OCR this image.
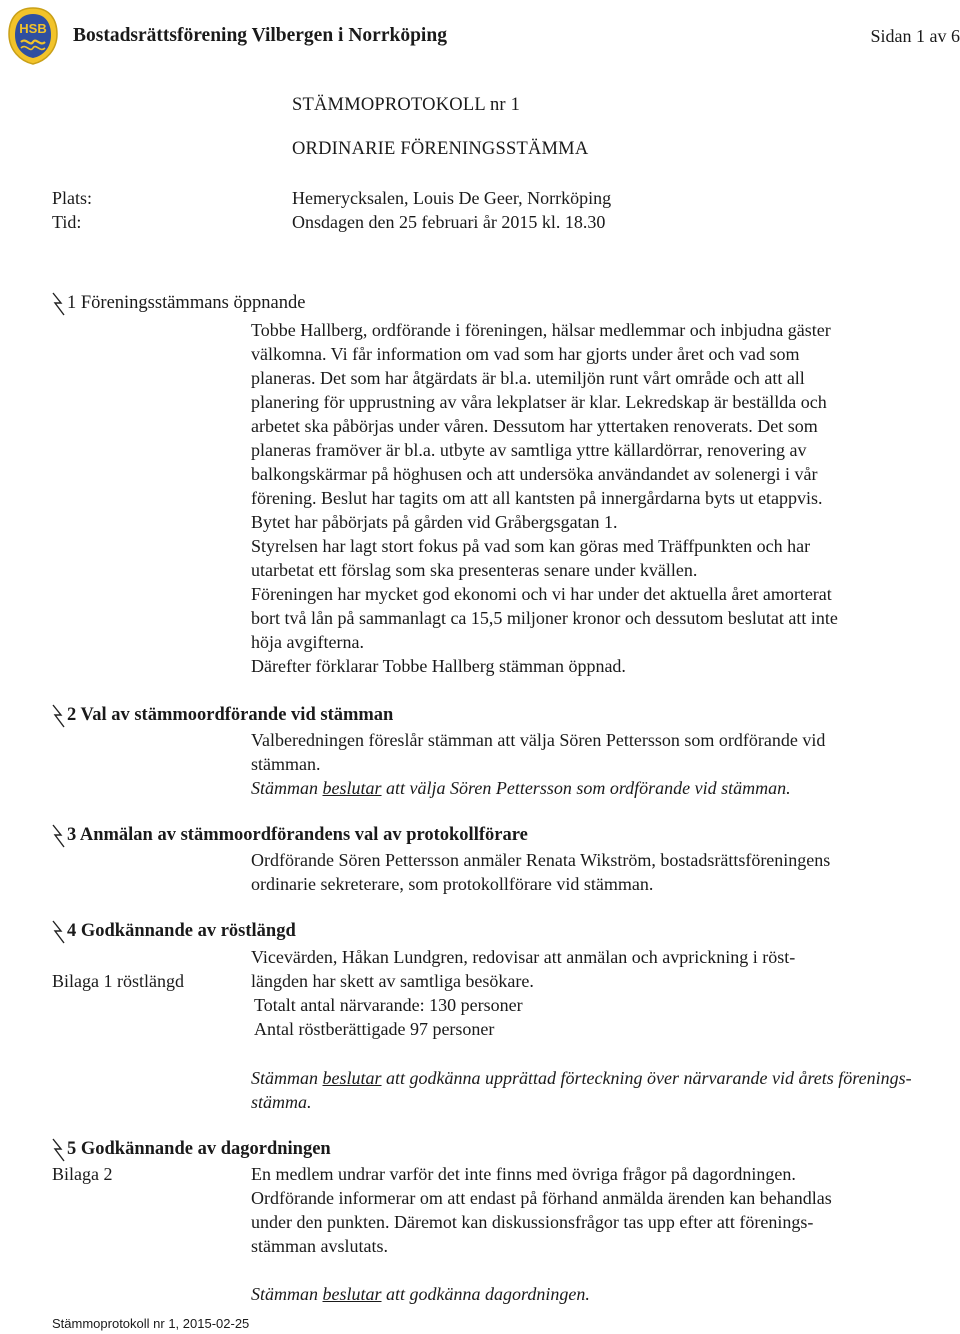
HSB Bostadsrättsförening Vilbergen i Norrköping	Sidan 1 av 6
STÄMMOPROTOKOLL nr 1
ORDINARIE FÖRENINGSSTÄMMA
Plats:	Hemerycksalen, Louis De Geer, Norrköping
Tid:	Onsdagen den 25 februari år 2015 kl. 18.30
1 Föreningsstämmans öppnande
Tobbe Hallberg, ordförande i föreningen, hälsar medlemmar och inbjudna gäster
välkomna. Vi får information om vad som har gjorts under året och vad som
planeras. Det som har åtgärdats är bl.a. utemiljön runt vårt område och att all
planering för upprustning av våra lekplatser är klar. Lekredskap är beställda och
arbetet ska påbörjas under våren. Dessutom har yttertaken renoverats. Det som
planeras framöver är bl.a. utbyte av samtliga yttre källardörrar, renovering av
balkongskärmar på höghusen och att undersöka användandet av solenergi i vår
förening. Beslut har tagits om att all kantsten på innergårdarna byts ut etappvis.
Bytet har påbörjats på gården vid Gråbergsgatan 1.
Styrelsen har lagt stort fokus på vad som kan göras med Träffpunkten och har
utarbetat ett förslag som ska presenteras senare under kvällen.
Föreningen har mycket god ekonomi och vi har under det aktuella året amorterat
bort två lån på sammanlagt ca 15,5 miljoner kronor och dessutom beslutat att inte
höja avgifterna.
Därefter förklarar Tobbe Hallberg stämman öppnad.
2 Val av stämmoordförande vid stämman
Valberedningen föreslår stämman att välja Sören Pettersson som ordförande vid
stämman.
Stämman beslutar att välja Sören Pettersson som ordförande vid stämman.
3 Anmälan av stämmoordförandens val av protokollförare
Ordförande Sören Pettersson anmäler Renata Wikström, bostadsrättsföreningens
ordinarie sekreterare, som protokollförare vid stämman.
4 Godkännande av röstlängd
Bilaga 1 röstlängd
Vicevärden, Håkan Lundgren, redovisar att anmälan och avprickning i röst-
längden har skett av samtliga besökare.
Totalt antal närvarande: 130 personer
Antal röstberättigade 97 personer
Stämman beslutar att godkänna upprättad förteckning över närvarande vid årets förenings-
stämma.
5 Godkännande av dagordningen
Bilaga 2	En medlem undrar varför det inte finns med övriga frågor på dagordningen.
Ordförande informerar om att endast på förhand anmälda ärenden kan behandlas
under den punkten. Däremot kan diskussionsfrågor tas upp efter att förenings-
stämman avslutats.
Stämman beslutar att godkänna dagordningen.
Stämmoprotokoll nr 1, 2015-02-25
